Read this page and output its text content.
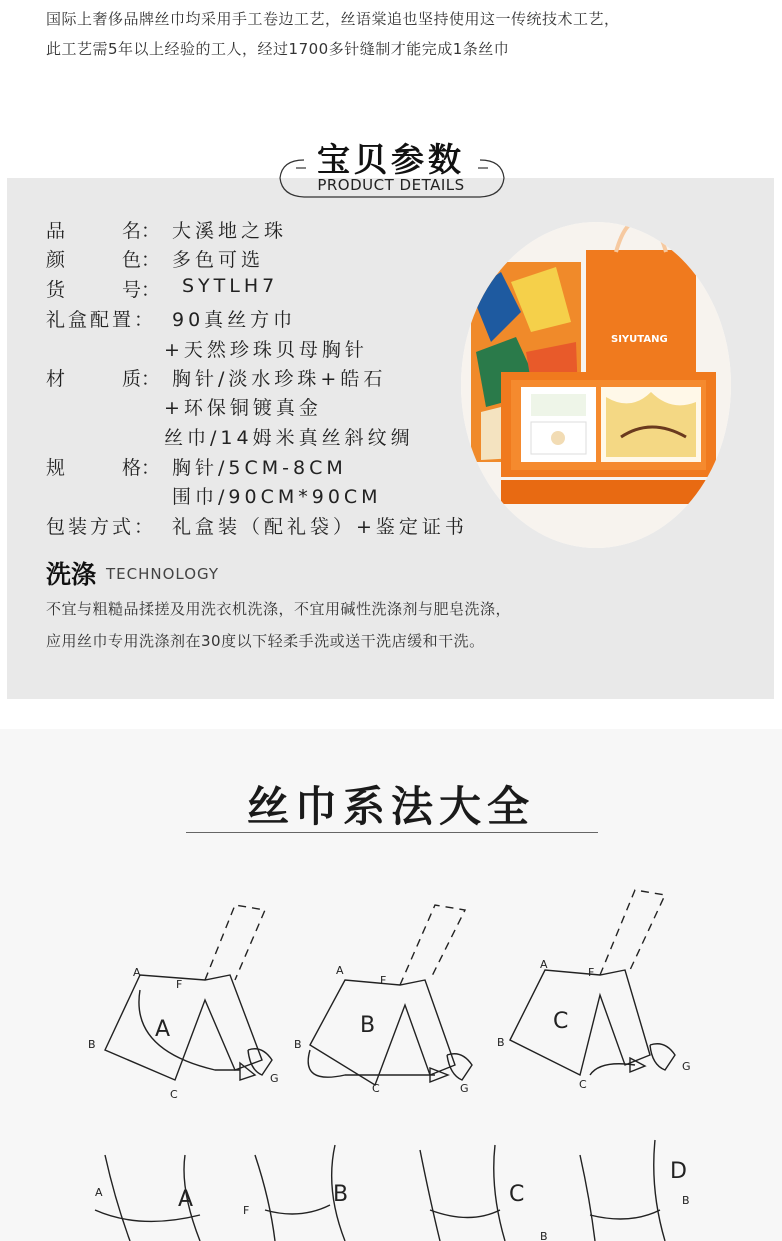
国际上奢侈品牌丝巾均采用手工卷边工艺，丝语棠追也坚持使用这一传统技术工艺，
此工艺需5年以上经验的工人，经过1700多针缝制才能完成1条丝巾
宝贝参数
PRODUCT DETAILS
品	名： 大溪地之珠
颜	色： 多色可选
货	号： SYTLH7
礼盒配置： 90真丝方巾
+天然珍珠贝母胸针
材	质： 胸针/淡水珍珠+皓石
+环保铜镀真金
丝巾/14姆米真丝斜纹绸
规	格： 胸针/5CM-8CM
围巾/90CM*90CM
包装方式： 礼盒装（配礼袋）+鉴定证书
洗涤 TECHNOLOGY
不宜与粗糙品揉搓及用洗衣机洗涤，不宜用碱性洗涤剂与肥皂洗涤，
应用丝巾专用洗涤剂在30度以下轻柔手洗或送干洗店缓和干洗。
SIYUTANG
丝巾系法大全
A
F
B
C
G
A
F
B
C	G
A
F
B
C
G
A
F
B
B
A	B	C
A	B	C
D
